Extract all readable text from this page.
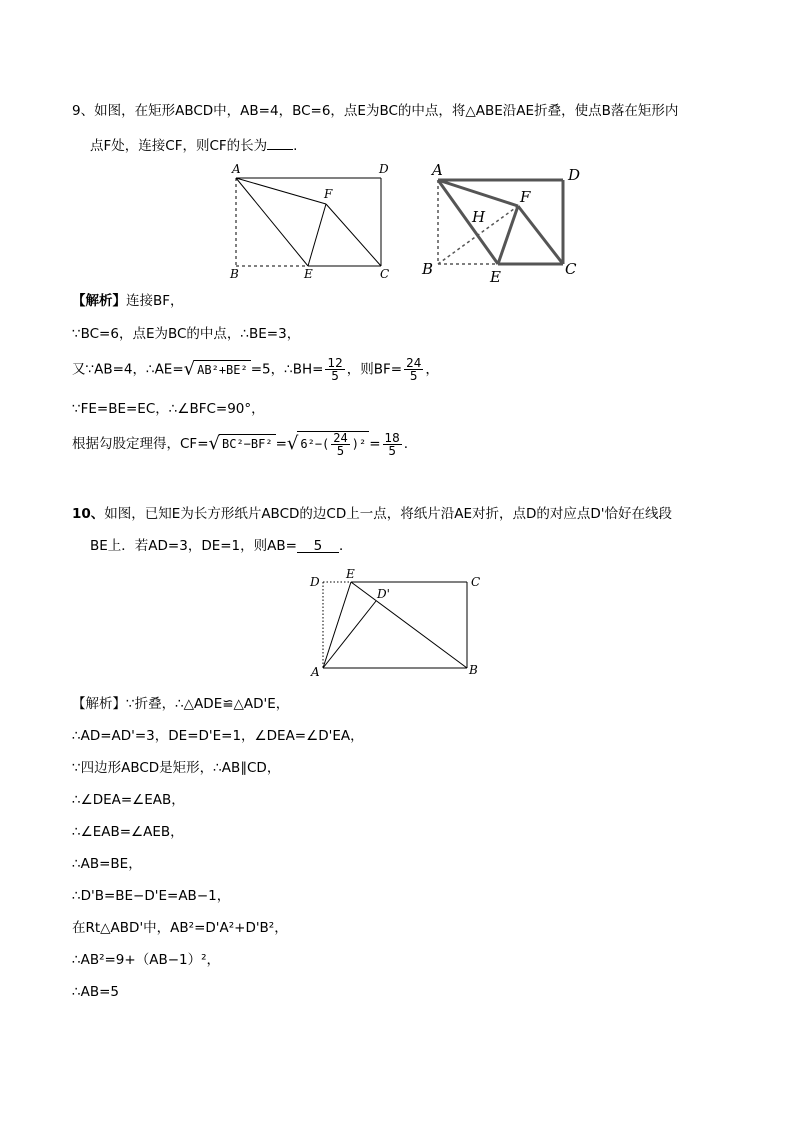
9、如图，在矩形ABCD中，AB=4，BC=6，点E为BC的中点，将△ABE沿AE折叠，使点B落在矩形内
点F处，连接CF，则CF的长为 .
A	D
F
B	E	C
A	D
F
H
B	E	C
【解析】连接BF，
∵BC=6，点E为BC的中点，∴BE=3，
又∵AB=4，∴AE=√ AB²+BE² =5，∴BH= $\frac{12}{5}$ ，则$BF= \frac{24}{5}$ ，
∵FE=BE=EC，∴∠BFC=90°，
根据勾股定理得，CF=√ BC²−BF² =√ $6^2-( \frac{24}{5} )^2 = \frac{18}{5}$ .
10、如图，已知E为长方形纸片ABCD的边CD上一点，将纸片沿AE对折，点D的对应点D'恰好在线段
BE上．若AD=3，DE=1，则AB= 5 ．
D
E
C
D'
A	B
【解析】∵折叠，∴△ADE≌△AD'E，
∴AD=AD'=3，DE=D'E=1，∠DEA=∠D'EA，
∵四边形ABCD是矩形，∴AB∥CD，
∴∠DEA=∠EAB，
∴∠EAB=∠AEB，
∴AB=BE，
∴D'B=BE−D'E=AB−1，
在Rt△ABD'中，AB²=D'A²+D'B²，
∴AB²=9+（AB−1）²，
∴AB=5
